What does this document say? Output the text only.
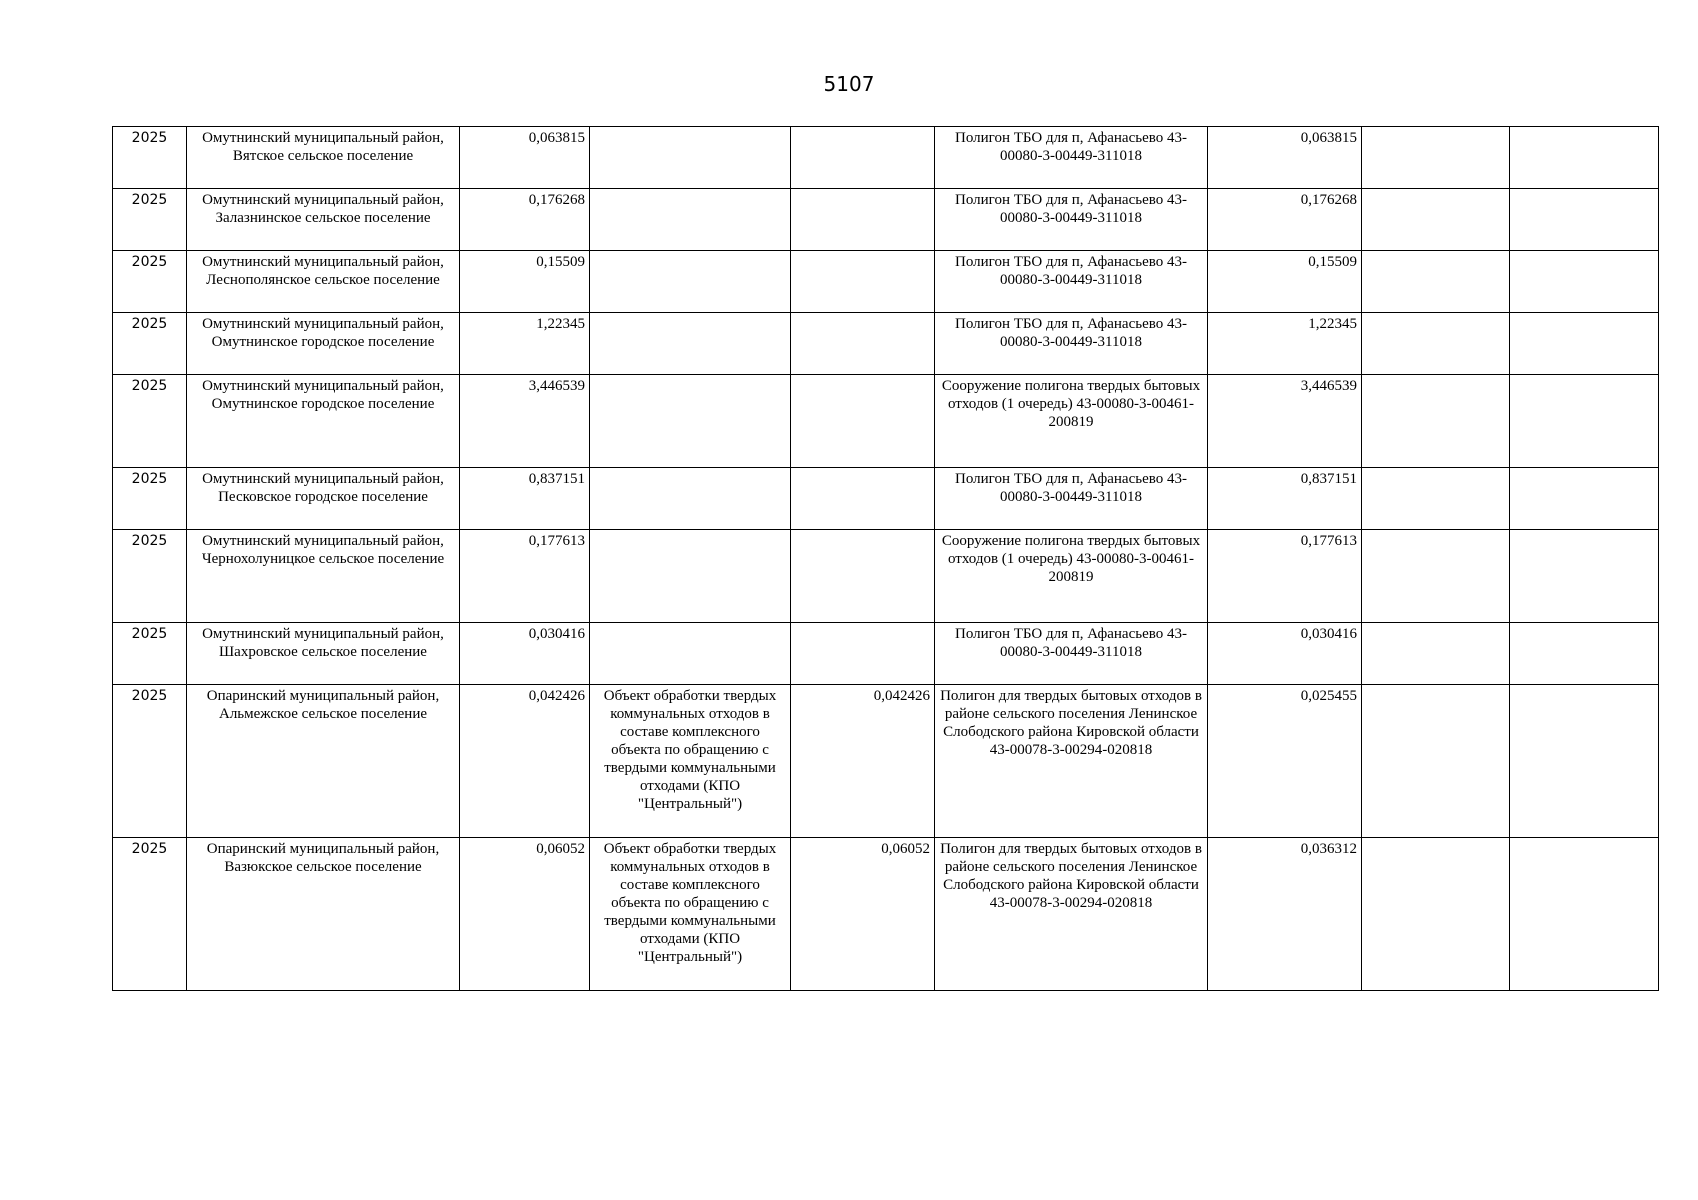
5107
2025	Омутнинский муниципальный район, Вятское сельское поселение	0,063815			Полигон ТБО для п, Афанасьево 43-00080-3-00449-311018	0,063815		
2025	Омутнинский муниципальный район, Залазнинское сельское поселение	0,176268			Полигон ТБО для п, Афанасьево 43-00080-3-00449-311018	0,176268		
2025	Омутнинский муниципальный район, Леснополянское сельское поселение	0,15509			Полигон ТБО для п, Афанасьево 43-00080-3-00449-311018	0,15509		
2025	Омутнинский муниципальный район, Омутнинское городское поселение	1,22345			Полигон ТБО для п, Афанасьево 43-00080-3-00449-311018	1,22345		
2025	Омутнинский муниципальный район, Омутнинское городское поселение	3,446539			Сооружение полигона твердых бытовых отходов (1 очередь) 43-00080-3-00461-200819	3,446539		
2025	Омутнинский муниципальный район, Песковское городское поселение	0,837151			Полигон ТБО для п, Афанасьево 43-00080-3-00449-311018	0,837151		
2025	Омутнинский муниципальный район, Чернохолуницкое сельское поселение	0,177613			Сооружение полигона твердых бытовых отходов (1 очередь) 43-00080-3-00461-200819	0,177613		
2025	Омутнинский муниципальный район, Шахровское сельское поселение	0,030416			Полигон ТБО для п, Афанасьево 43-00080-3-00449-311018	0,030416		
2025	Опаринский муниципальный район, Альмежское сельское поселение	0,042426	Объект обработки твердых коммунальных отходов в составе комплексного объекта по обращению с твердыми коммунальными отходами (КПО "Центральный")	0,042426	Полигон для твердых бытовых отходов в районе сельского поселения Ленинское Слободского района Кировской области 43-00078-3-00294-020818	0,025455		
2025	Опаринский муниципальный район, Вазюкское сельское поселение	0,06052	Объект обработки твердых коммунальных отходов в составе комплексного объекта по обращению с твердыми коммунальными отходами (КПО "Центральный")	0,06052	Полигон для твердых бытовых отходов в районе сельского поселения Ленинское Слободского района Кировской области 43-00078-3-00294-020818	0,036312		
